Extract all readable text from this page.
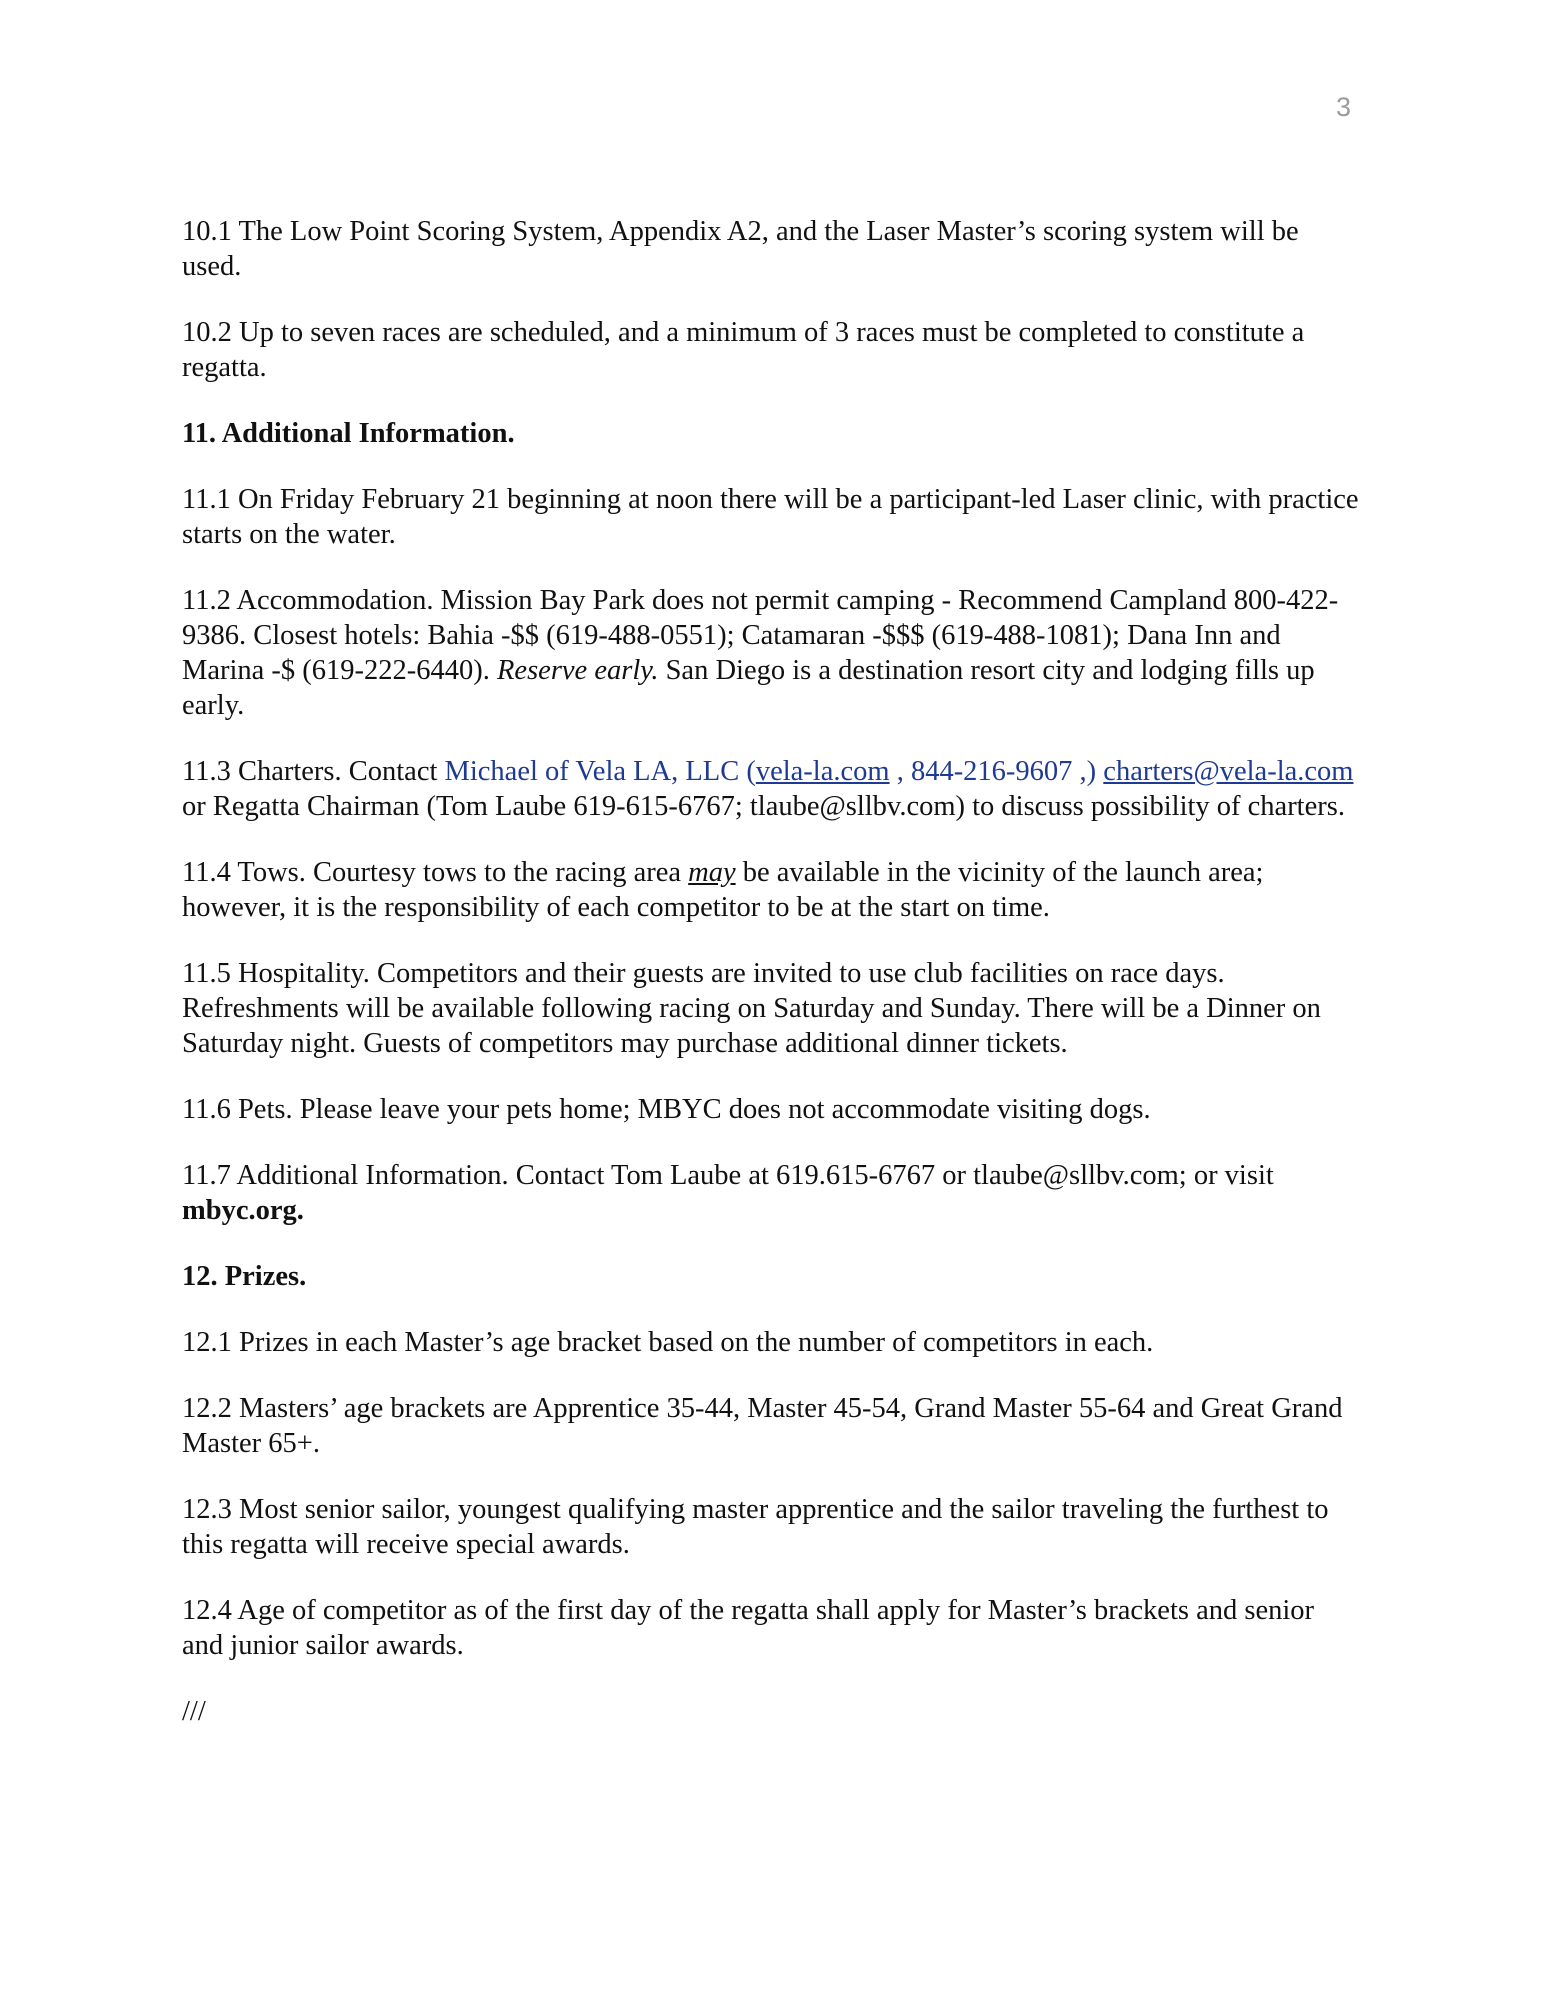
3

10.1 The Low Point Scoring System, Appendix A2, and the Laser Master’s scoring system will be used.

10.2 Up to seven races are scheduled, and a minimum of 3 races must be completed to constitute a regatta.

11. Additional Information.

11.1 On Friday February 21 beginning at noon there will be a participant-led Laser clinic, with practice starts on the water.

11.2 Accommodation. Mission Bay Park does not permit camping - Recommend Campland 800-422-9386. Closest hotels: Bahia -$$ (619-488-0551); Catamaran -$$$ (619-488-1081); Dana Inn and Marina -$ (619-222-6440). Reserve early. San Diego is a destination resort city and lodging fills up early.

11.3 Charters. Contact Michael of Vela LA, LLC (vela-la.com , 844-216-9607 ,) charters@vela-la.com or Regatta Chairman (Tom Laube 619-615-6767; tlaube@sllbv.com) to discuss possibility of charters.

11.4 Tows. Courtesy tows to the racing area may be available in the vicinity of the launch area; however, it is the responsibility of each competitor to be at the start on time.

11.5 Hospitality. Competitors and their guests are invited to use club facilities on race days. Refreshments will be available following racing on Saturday and Sunday. There will be a Dinner on Saturday night. Guests of competitors may purchase additional dinner tickets.

11.6 Pets. Please leave your pets home; MBYC does not accommodate visiting dogs.

11.7 Additional Information. Contact Tom Laube at 619.615-6767 or tlaube@sllbv.com; or visit mbyc.org.

12. Prizes.

12.1 Prizes in each Master’s age bracket based on the number of competitors in each.

12.2 Masters’ age brackets are Apprentice 35-44, Master 45-54, Grand Master 55-64 and Great Grand Master 65+.

12.3 Most senior sailor, youngest qualifying master apprentice and the sailor traveling the furthest to this regatta will receive special awards.

12.4 Age of competitor as of the first day of the regatta shall apply for Master’s brackets and senior and junior sailor awards.

///
